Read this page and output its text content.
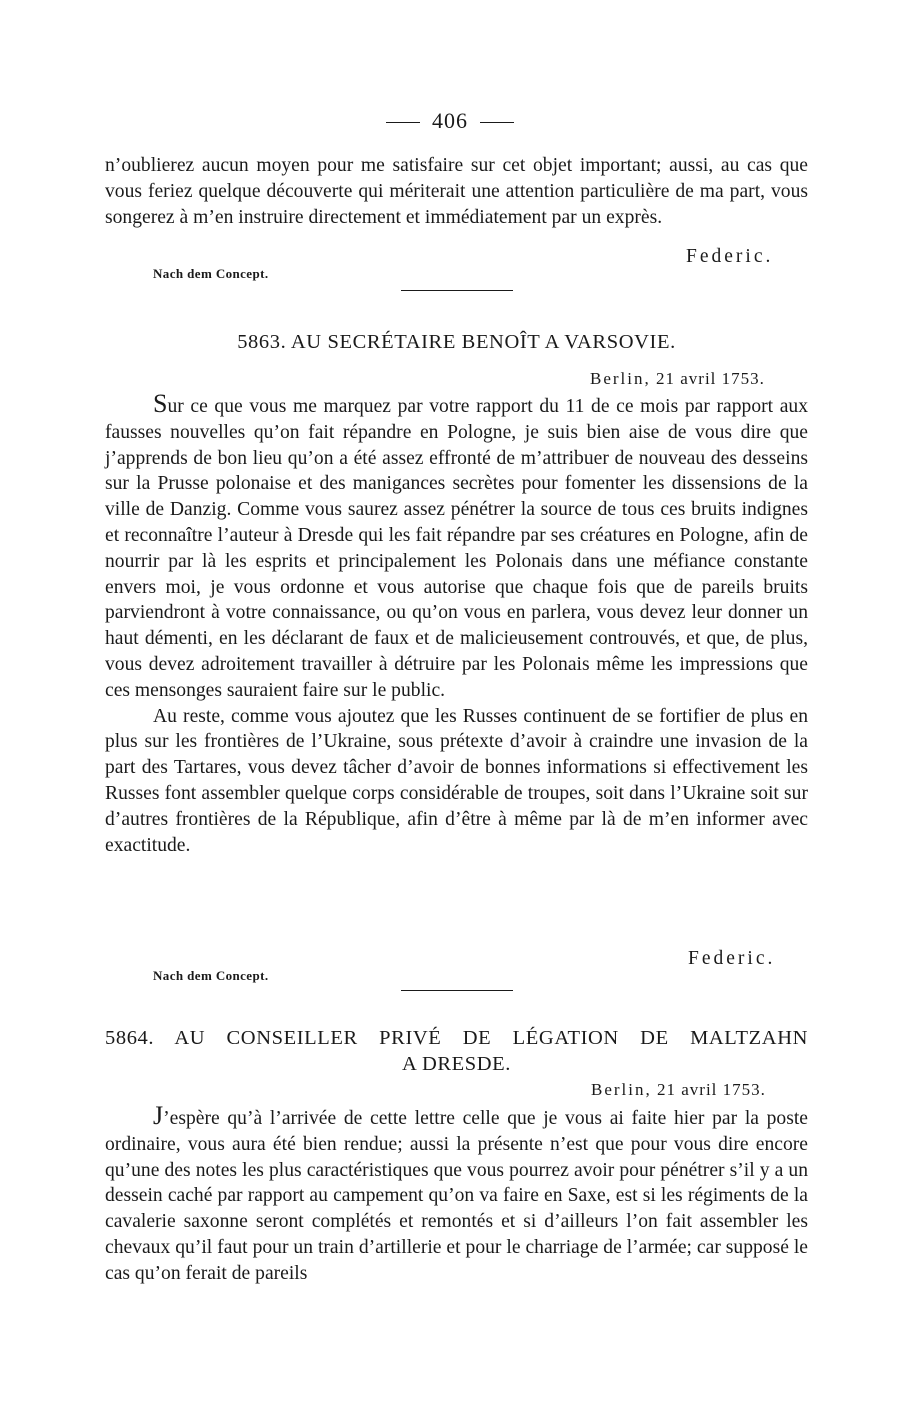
406

n’oublierez aucun moyen pour me satisfaire sur cet objet important; aussi, au cas que vous feriez quelque découverte qui mériterait une attention particulière de ma part, vous songerez à m’en instruire directement et immédiatement par un exprès.

Federic.
Nach dem Concept.
5863. AU SECRÉTAIRE BENOÎT A VARSOVIE.
Berlin, 21 avril 1753.

Sur ce que vous me marquez par votre rapport du 11 de ce mois par rapport aux fausses nouvelles qu’on fait répandre en Pologne, je suis bien aise de vous dire que j’apprends de bon lieu qu’on a été assez effronté de m’attribuer de nouveau des desseins sur la Prusse polonaise et des manigances secrètes pour fomenter les dissensions de la ville de Danzig. Comme vous saurez assez pénétrer la source de tous ces bruits indignes et reconnaître l’auteur à Dresde qui les fait répandre par ses créatures en Pologne, afin de nourrir par là les esprits et principalement les Polonais dans une méfiance constante envers moi, je vous ordonne et vous autorise que chaque fois que de pareils bruits parviendront à votre connaissance, ou qu’on vous en parlera, vous devez leur donner un haut démenti, en les déclarant de faux et de malicieusement controuvés, et que, de plus, vous devez adroitement travailler à détruire par les Polonais même les impressions que ces mensonges sauraient faire sur le public.

Au reste, comme vous ajoutez que les Russes continuent de se fortifier de plus en plus sur les frontières de l’Ukraine, sous prétexte d’avoir à craindre une invasion de la part des Tartares, vous devez tâcher d’avoir de bonnes informations si effectivement les Russes font assembler quelque corps considérable de troupes, soit dans l’Ukraine soit sur d’autres frontières de la République, afin d’être à même par là de m’en informer avec exactitude.

Federic.
Nach dem Concept.
5864. AU CONSEILLER PRIVÉ DE LÉGATION DE MALTZAHN
A DRESDE.
Berlin, 21 avril 1753.

J’espère qu’à l’arrivée de cette lettre celle que je vous ai faite hier par la poste ordinaire, vous aura été bien rendue; aussi la présente n’est que pour vous dire encore qu’une des notes les plus caractéristiques que vous pourrez avoir pour pénétrer s’il y a un dessein caché par rapport au campement qu’on va faire en Saxe, est si les régiments de la cavalerie saxonne seront complétés et remontés et si d’ailleurs l’on fait assembler les chevaux qu’il faut pour un train d’artillerie et pour le charriage de l’armée; car supposé le cas qu’on ferait de pareils
